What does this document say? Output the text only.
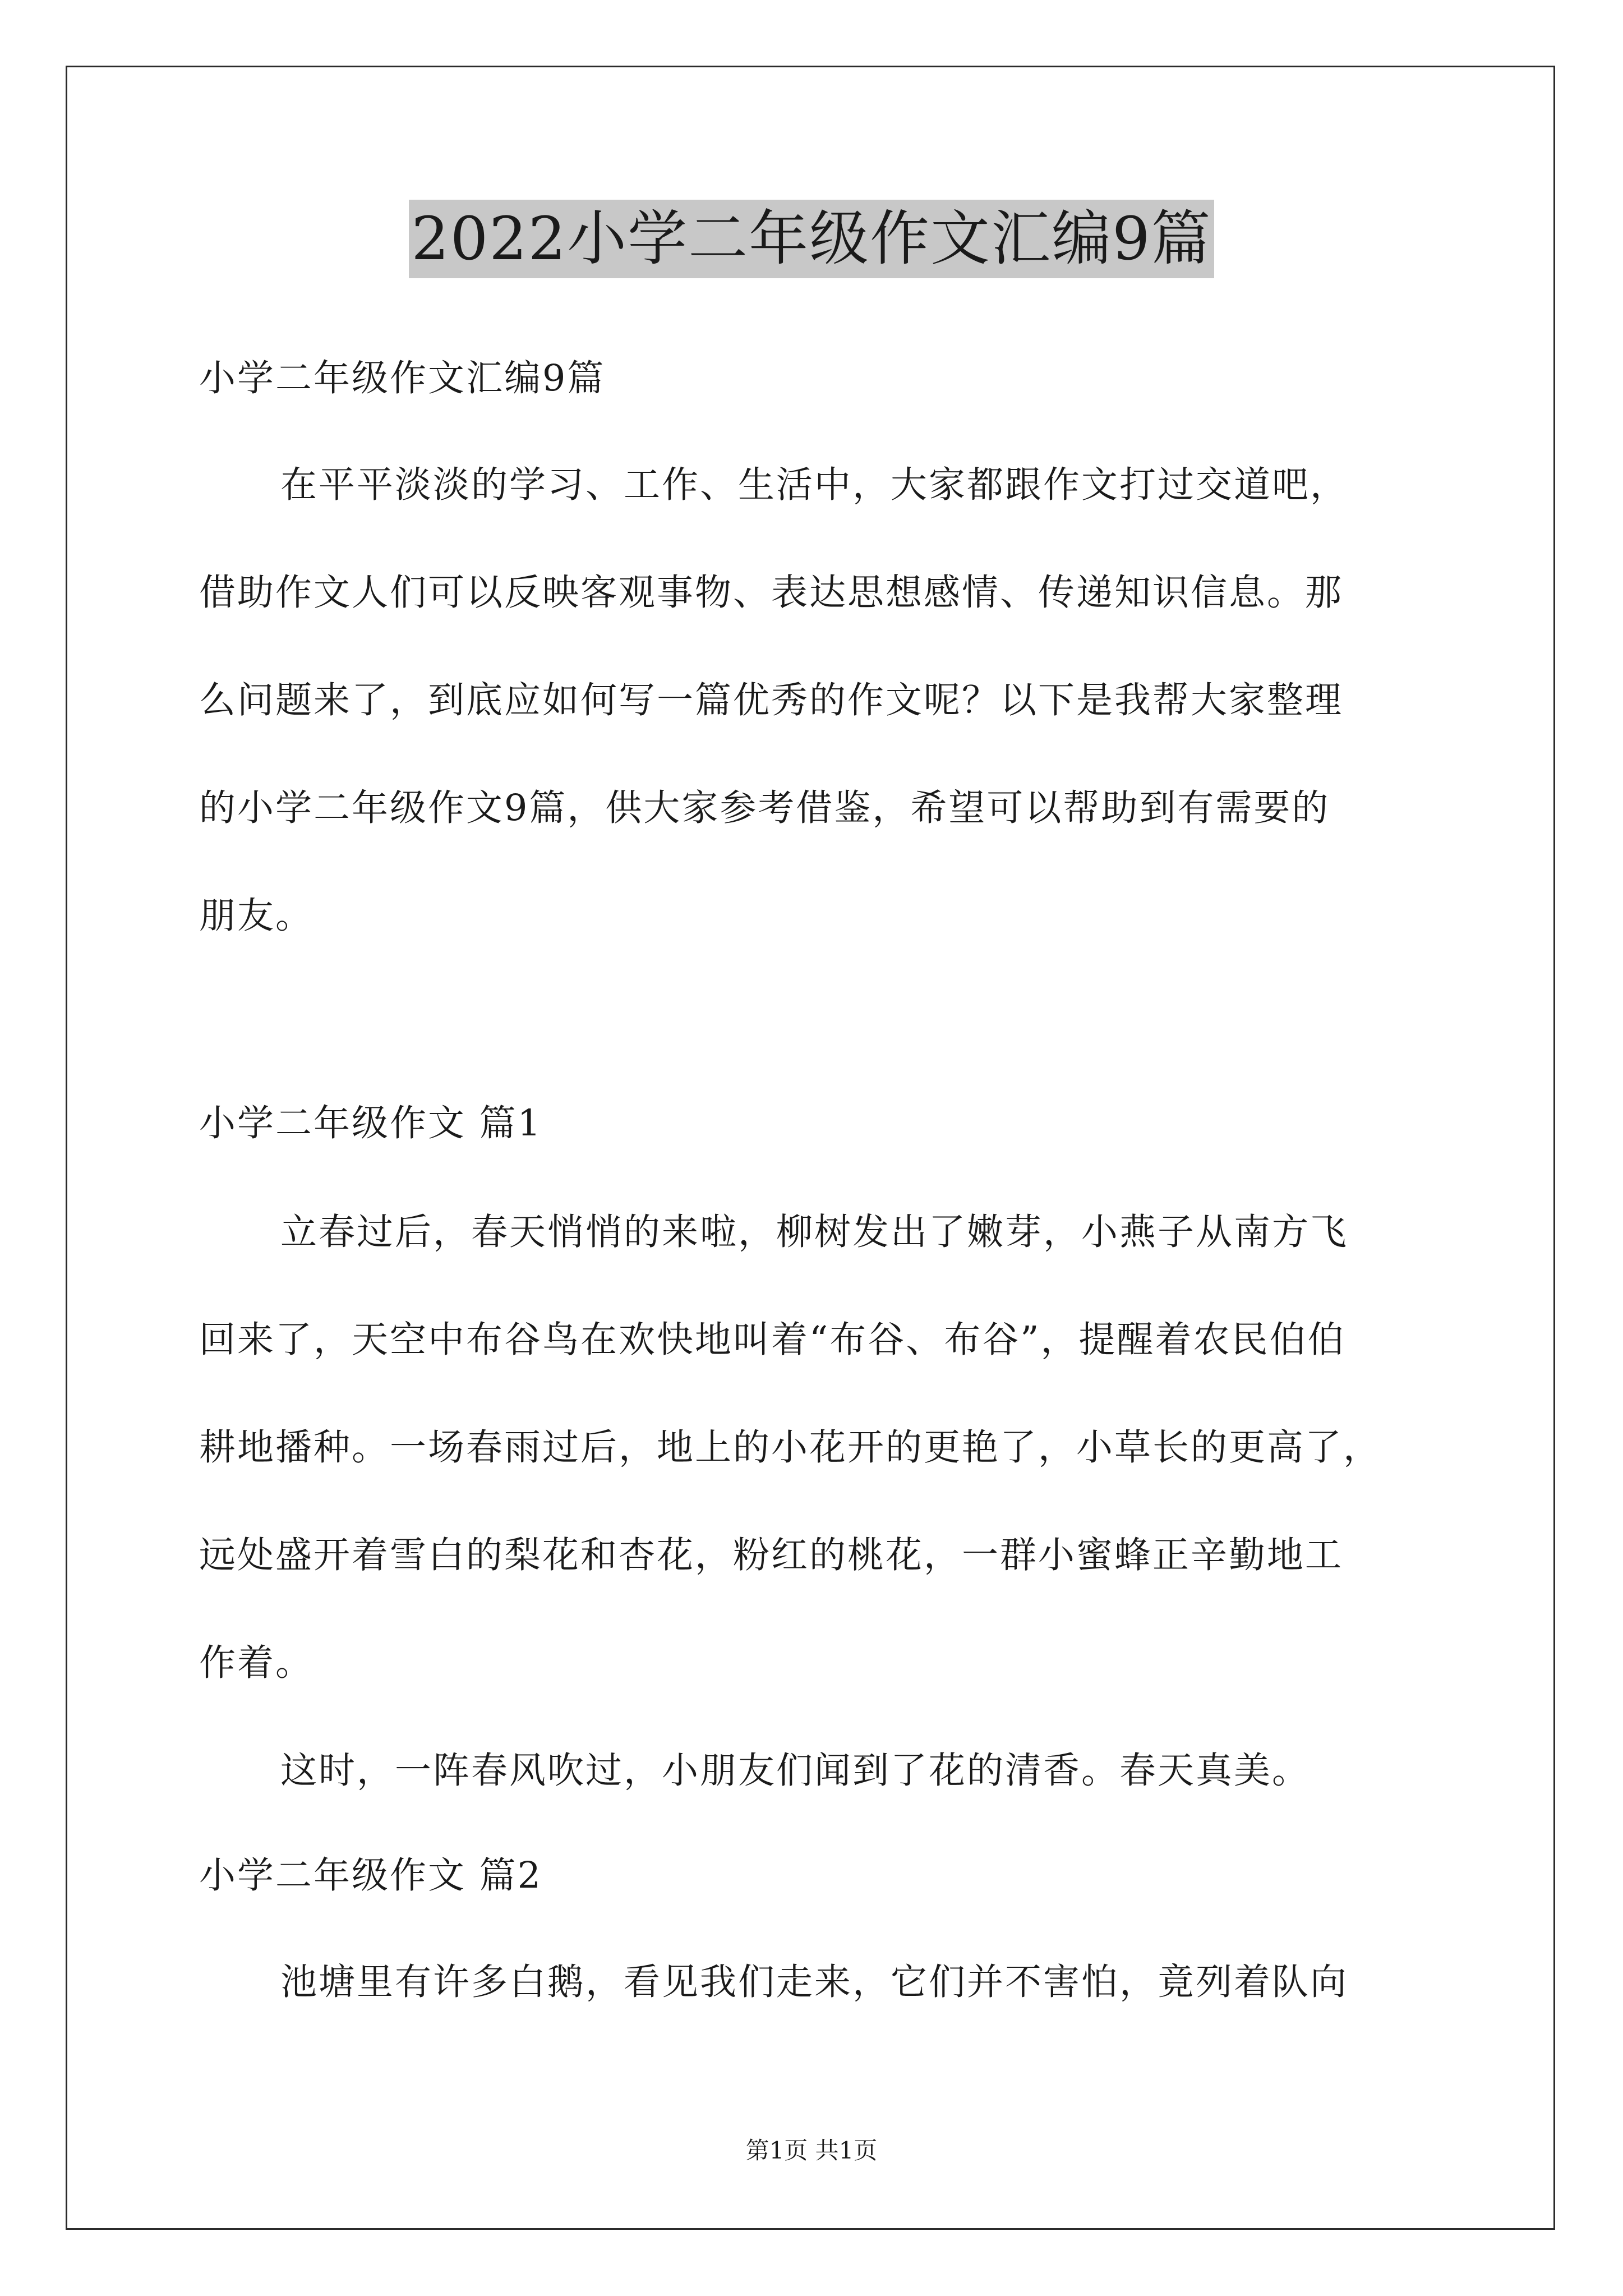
2022小学二年级作文汇编9篇
小学二年级作文汇编9篇
在平平淡淡的学习、工作、生活中，大家都跟作文打过交道吧，
借助作文人们可以反映客观事物、表达思想感情、传递知识信息。那
么问题来了，到底应如何写一篇优秀的作文呢？以下是我帮大家整理
的小学二年级作文9篇，供大家参考借鉴，希望可以帮助到有需要的
朋友。
小学二年级作文 篇1
立春过后，春天悄悄的来啦，柳树发出了嫩芽，小燕子从南方飞
回来了，天空中布谷鸟在欢快地叫着“布谷、布谷”，提醒着农民伯伯
耕地播种。一场春雨过后，地上的小花开的更艳了，小草长的更高了，
远处盛开着雪白的梨花和杏花，粉红的桃花，一群小蜜蜂正辛勤地工
作着。
这时，一阵春风吹过，小朋友们闻到了花的清香。春天真美。
小学二年级作文 篇2
池塘里有许多白鹅，看见我们走来，它们并不害怕，竟列着队向
第1页 共1页
